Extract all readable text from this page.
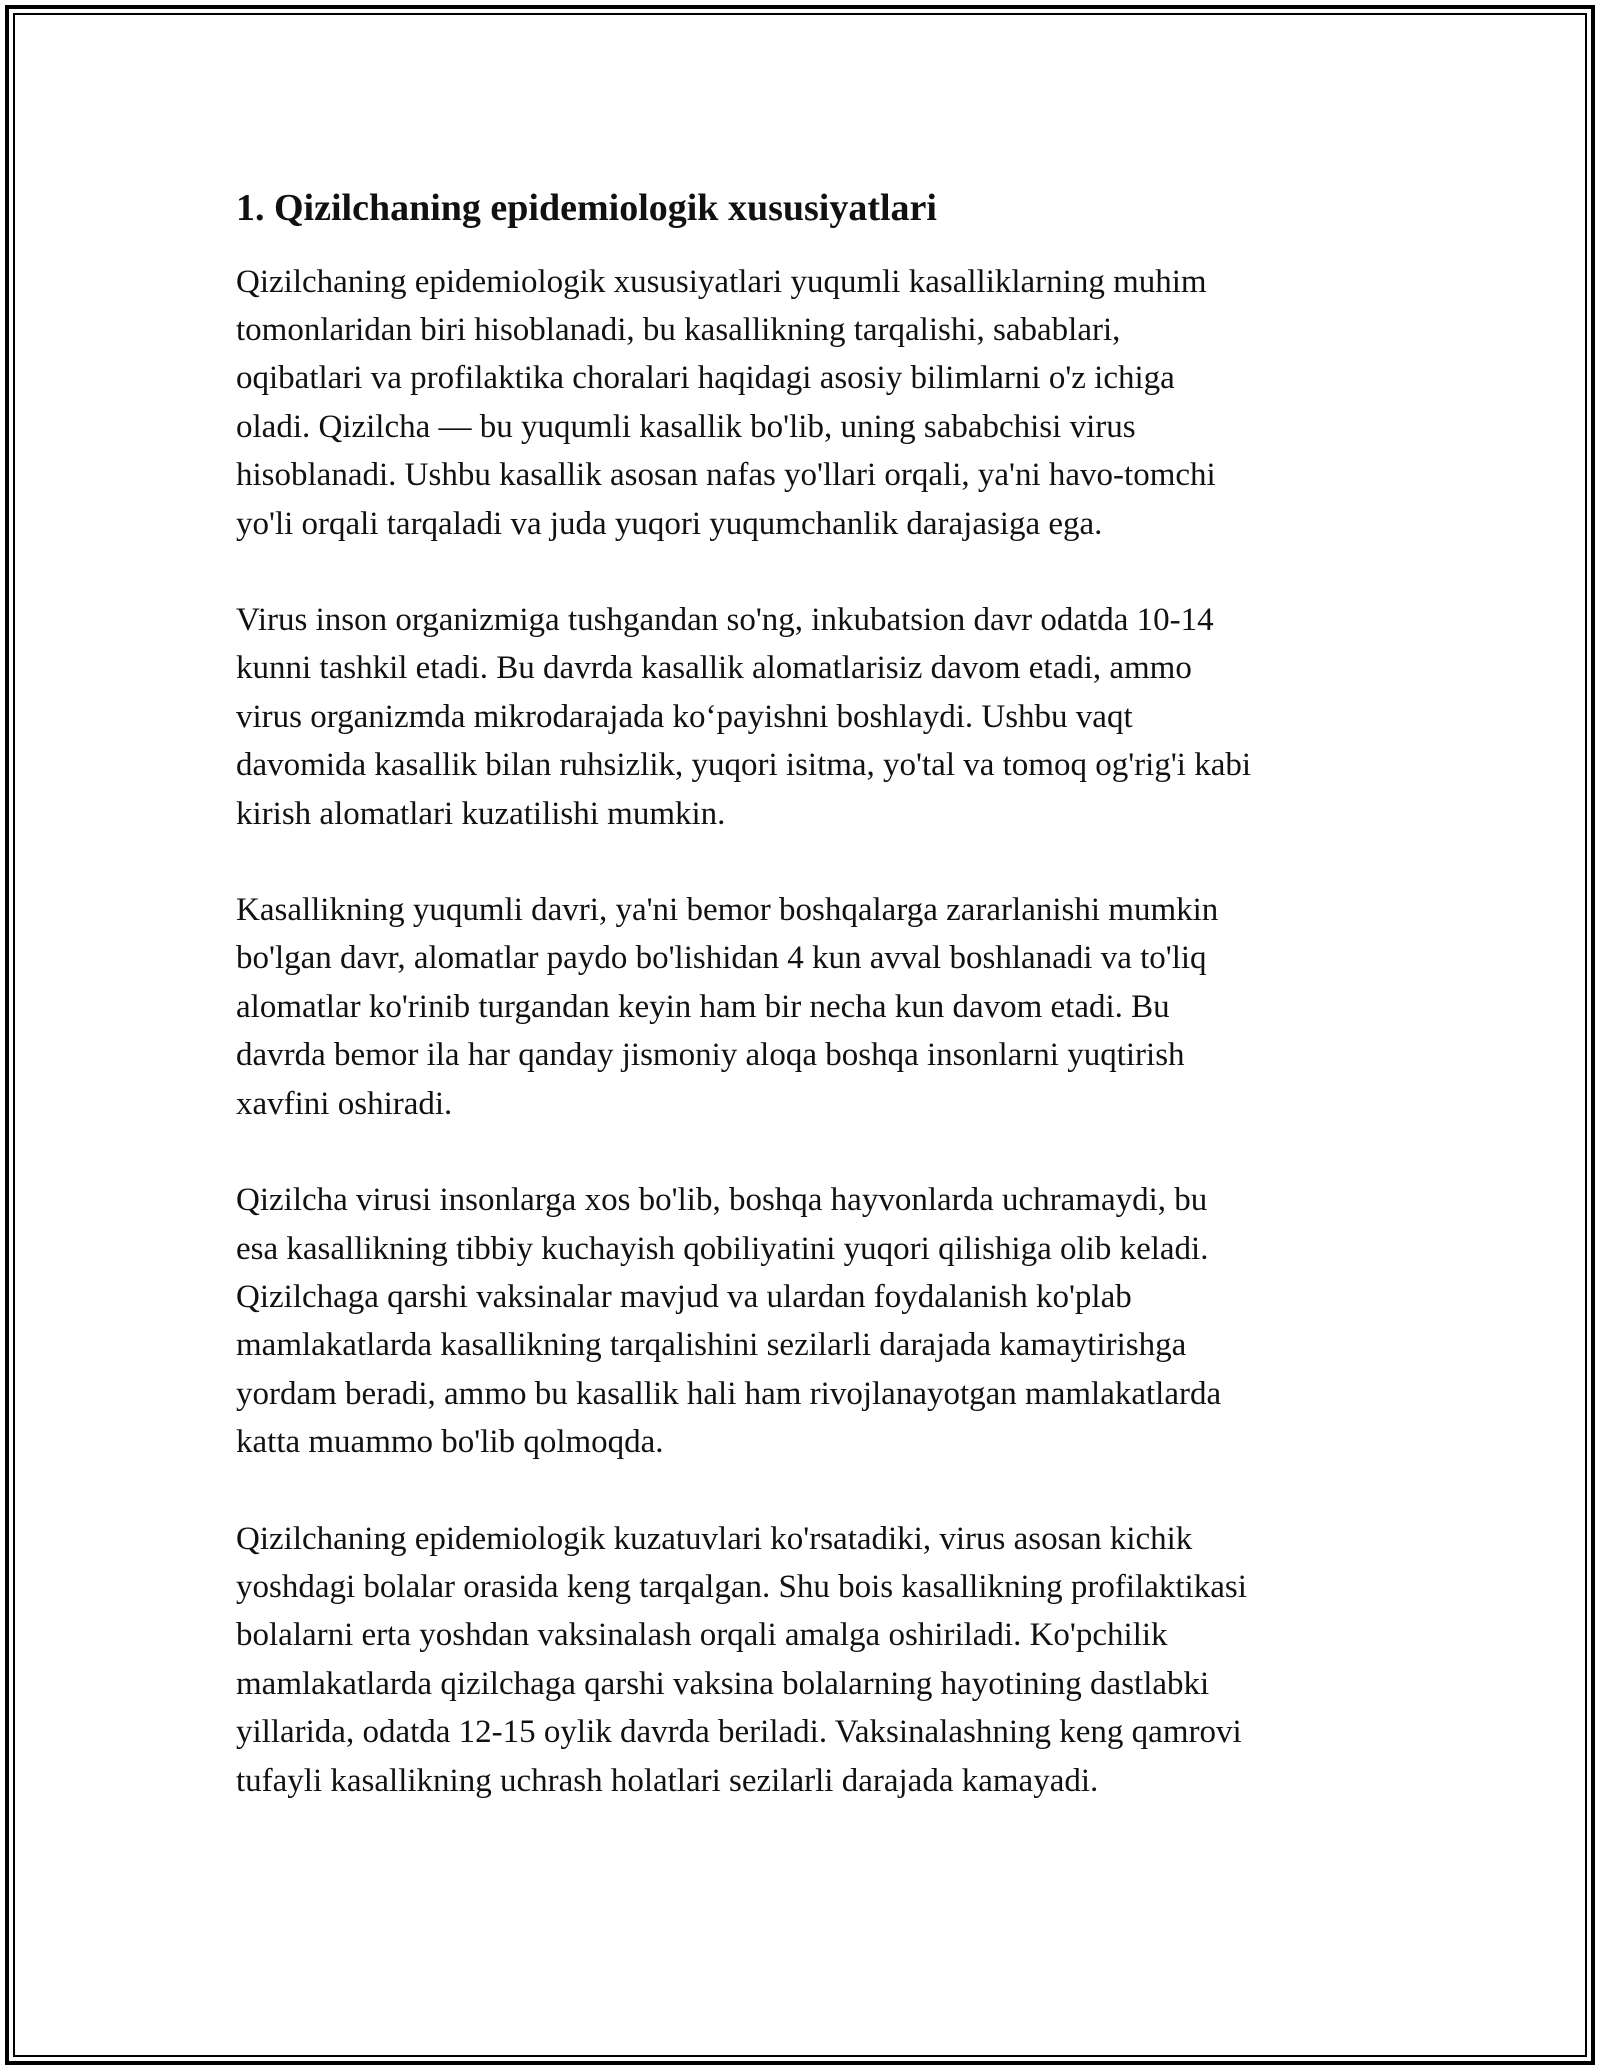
1. Qizilchaning epidemiologik xususiyatlari

Qizilchaning epidemiologik xususiyatlari yuqumli kasalliklarning muhim
tomonlaridan biri hisoblanadi, bu kasallikning tarqalishi, sabablari,
oqibatlari va profilaktika choralari haqidagi asosiy bilimlarni o'z ichiga
oladi. Qizilcha — bu yuqumli kasallik bo'lib, uning sababchisi virus
hisoblanadi. Ushbu kasallik asosan nafas yo'llari orqali, ya'ni havo-tomchi
yo'li orqali tarqaladi va juda yuqori yuqumchanlik darajasiga ega.

Virus inson organizmiga tushgandan so'ng, inkubatsion davr odatda 10-14
kunni tashkil etadi. Bu davrda kasallik alomatlarisiz davom etadi, ammo
virus organizmda mikrodarajada ko‘payishni boshlaydi. Ushbu vaqt
davomida kasallik bilan ruhsizlik, yuqori isitma, yo'tal va tomoq og'rig'i kabi
kirish alomatlari kuzatilishi mumkin.

Kasallikning yuqumli davri, ya'ni bemor boshqalarga zararlanishi mumkin
bo'lgan davr, alomatlar paydo bo'lishidan 4 kun avval boshlanadi va to'liq
alomatlar ko'rinib turgandan keyin ham bir necha kun davom etadi. Bu
davrda bemor ila har qanday jismoniy aloqa boshqa insonlarni yuqtirish
xavfini oshiradi.

Qizilcha virusi insonlarga xos bo'lib, boshqa hayvonlarda uchramaydi, bu
esa kasallikning tibbiy kuchayish qobiliyatini yuqori qilishiga olib keladi.
Qizilchaga qarshi vaksinalar mavjud va ulardan foydalanish ko'plab
mamlakatlarda kasallikning tarqalishini sezilarli darajada kamaytirishga
yordam beradi, ammo bu kasallik hali ham rivojlanayotgan mamlakatlarda
katta muammo bo'lib qolmoqda.

Qizilchaning epidemiologik kuzatuvlari ko'rsatadiki, virus asosan kichik
yoshdagi bolalar orasida keng tarqalgan. Shu bois kasallikning profilaktikasi
bolalarni erta yoshdan vaksinalash orqali amalga oshiriladi. Ko'pchilik
mamlakatlarda qizilchaga qarshi vaksina bolalarning hayotining dastlabki
yillarida, odatda 12-15 oylik davrda beriladi. Vaksinalashning keng qamrovi
tufayli kasallikning uchrash holatlari sezilarli darajada kamayadi.
